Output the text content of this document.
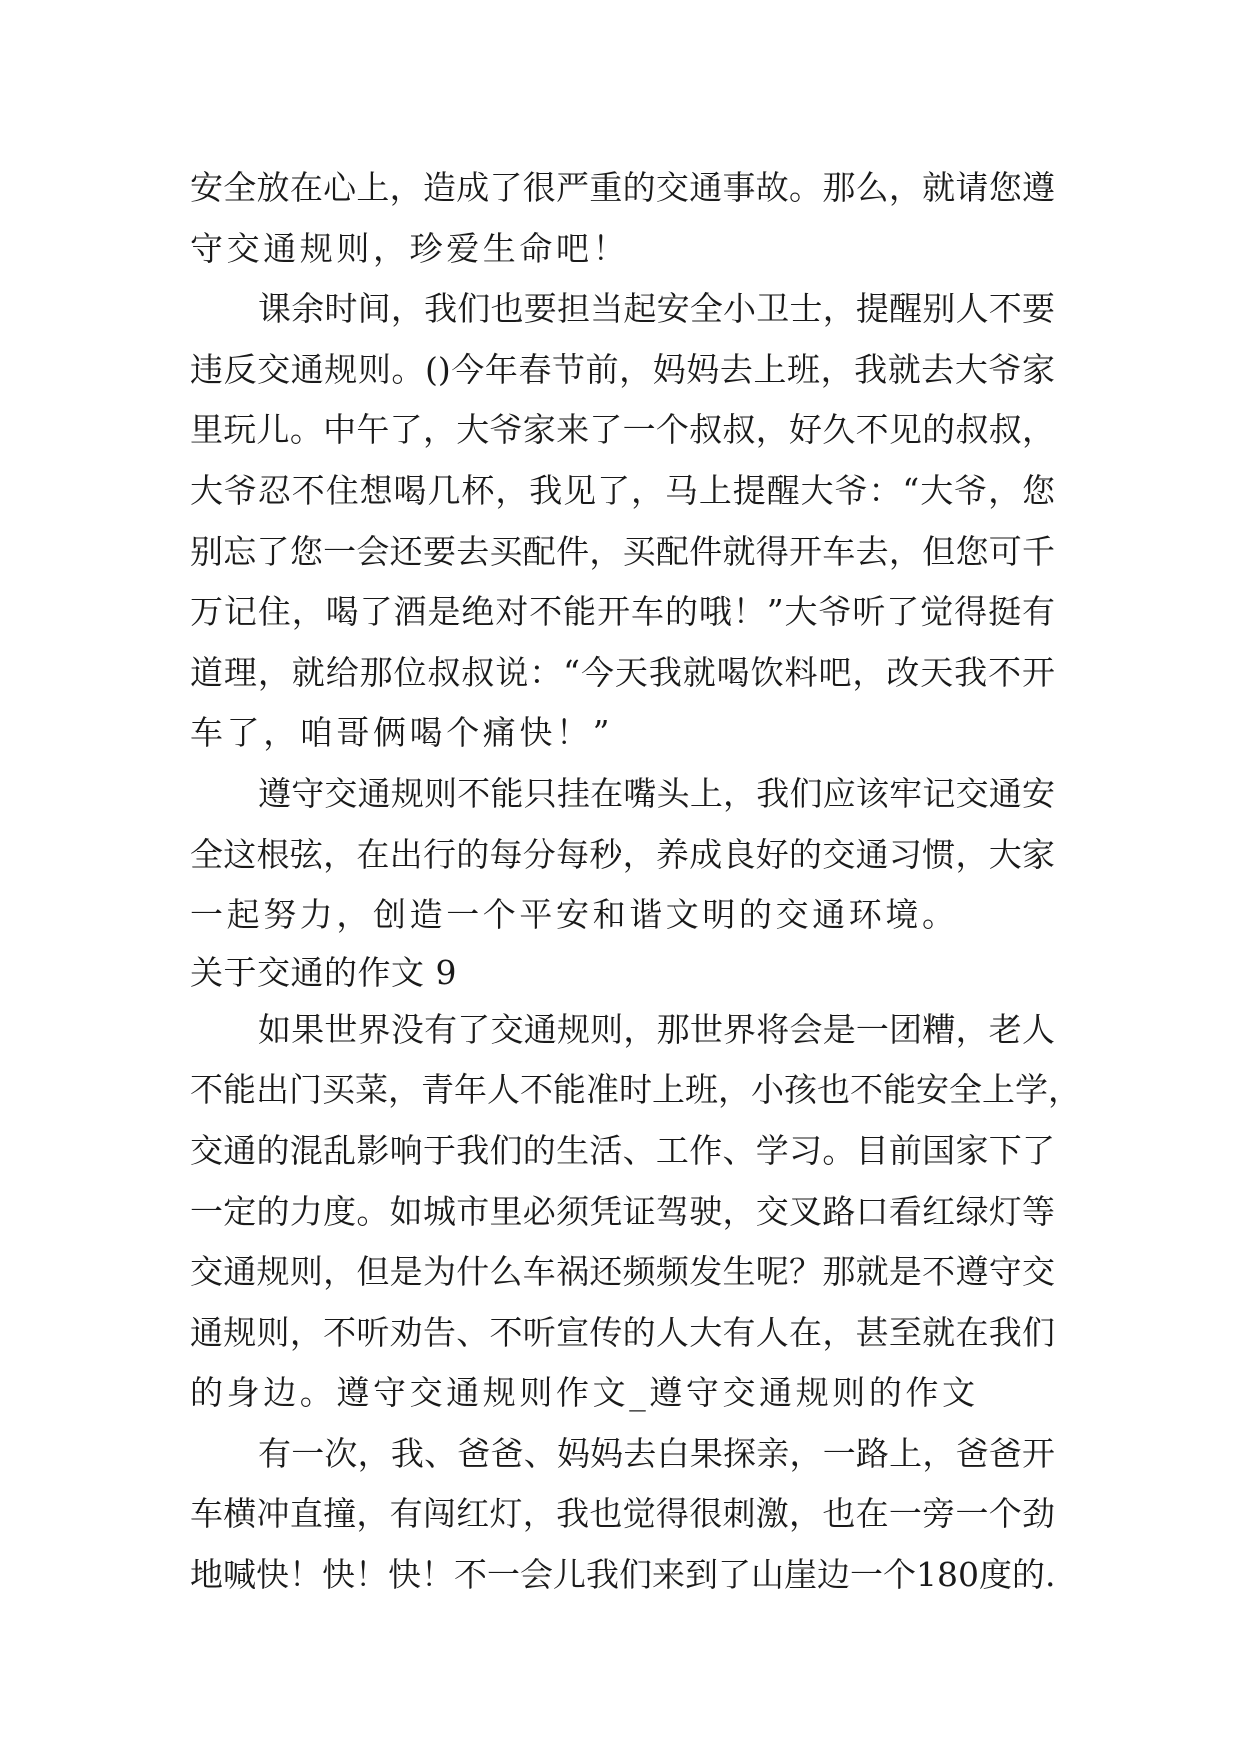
安全放在心上，造成了很严重的交通事故。那么，就请您遵
守交通规则，珍爱生命吧！
课余时间，我们也要担当起安全小卫士，提醒别人不要
违反交通规则。()今年春节前，妈妈去上班，我就去大爷家
里玩儿。中午了，大爷家来了一个叔叔，好久不见的叔叔，
大爷忍不住想喝几杯，我见了，马上提醒大爷：“大爷，您
别忘了您一会还要去买配件，买配件就得开车去，但您可千
万记住，喝了酒是绝对不能开车的哦！”大爷听了觉得挺有
道理，就给那位叔叔说：“今天我就喝饮料吧，改天我不开
车了，咱哥俩喝个痛快！”
遵守交通规则不能只挂在嘴头上，我们应该牢记交通安
全这根弦，在出行的每分每秒，养成良好的交通习惯，大家
一起努力，创造一个平安和谐文明的交通环境。
关于交通的作文 9
如果世界没有了交通规则，那世界将会是一团糟，老人
不能出门买菜，青年人不能准时上班，小孩也不能安全上学，
交通的混乱影响于我们的生活、工作、学习。目前国家下了
一定的力度。如城市里必须凭证驾驶，交叉路口看红绿灯等
交通规则，但是为什么车祸还频频发生呢？那就是不遵守交
通规则，不听劝告、不听宣传的人大有人在，甚至就在我们
的身边。遵守交通规则作文_遵守交通规则的作文
有一次，我、爸爸、妈妈去白果探亲，一路上，爸爸开
车横冲直撞，有闯红灯，我也觉得很刺激，也在一旁一个劲
地喊快！快！快！不一会儿我们来到了山崖边一个180度的.
